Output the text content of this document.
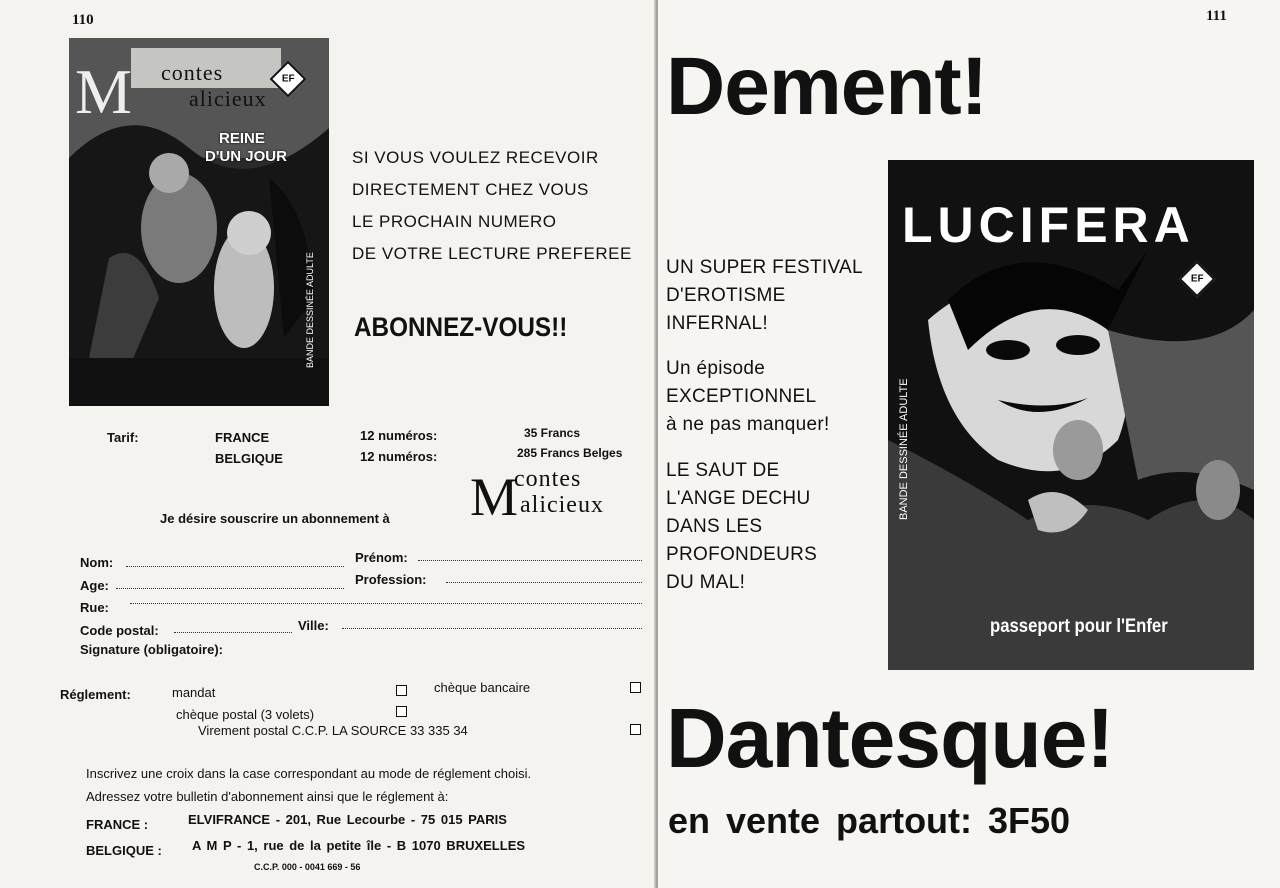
110
M	contes
alicieux
EF
REINE
D'UN JOUR
BANDE DESSINÉE ADULTE
SI VOUS VOULEZ RECEVOIR
DIRECTEMENT CHEZ VOUS
LE PROCHAIN NUMERO
DE VOTRE LECTURE PREFEREE
ABONNEZ-VOUS!!
Tarif:	FRANCE	12 numéros:	35 Francs
BELGIQUE	12 numéros:	285 Francs Belges
M
contes
alicieux
Je désire souscrire un abonnement à
Nom:	Prénom:
Age:	Profession:
Rue:
Code postal:	Ville:
Signature (obligatoire):
Réglement:	mandat	chèque bancaire
chèque postal (3 volets)
Virement postal C.C.P. LA SOURCE 33 335 34
Inscrivez une croix dans la case correspondant au mode de réglement choisi.
Adressez votre bulletin d'abonnement ainsi que le réglement à:
FRANCE :	ELVIFRANCE - 201, Rue Lecourbe - 75 015 PARIS
BELGIQUE : A M P - 1, rue de la petite île - B 1070 BRUXELLES
C.C.P. 000 - 0041 669 - 56
111
Dement!
UN SUPER FESTIVAL
D'EROTISME
INFERNAL!
Un épisode
EXCEPTIONNEL
à ne pas manquer!
LE SAUT DE
L'ANGE DECHU
DANS LES
PROFONDEURS
DU MAL!
LUCIFERA
EF
BANDE DESSINÉE ADULTE
passeport pour l'Enfer
Dantesque!
en vente partout: 3F50
